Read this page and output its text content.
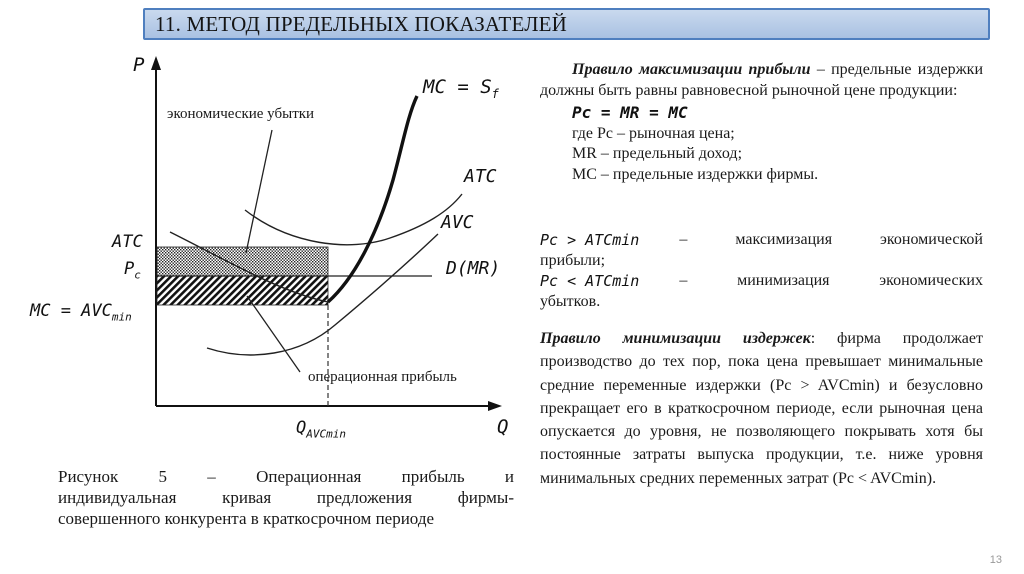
11. МЕТОД ПРЕДЕЛЬНЫХ ПОКАЗАТЕЛЕЙ
P
Q
MC = $S_f$
ATC
AVC
D(MR)
ATC
$P_c$
MC = $AVC_{min}$
$Q_{AVCmin}$
экономические убытки
операционная прибыль
Рисунок 5 – Операционная прибыль и
индивидуальная кривая предложения фирмы-
совершенного конкурента в краткосрочном периоде
Правило максимизации прибыли – предельные издержки должны быть равны равновесной рыночной цене продукции:
Pc = MR = MC
где Pc – рыночная цена;
MR – предельный доход;
MC – предельные издержки фирмы.
Pc > ATCmin	– максимизация экономической
прибыли;
Pc < ATCmin	– минимизация экономических
убытков.
Правило минимизации издержек: фирма продолжает производство до тех пор, пока цена превышает минимальные средние переменные издержки (Pc > AVCmin) и безусловно прекращает его в краткосрочном периоде, если рыночная цена опускается до уровня, не позволяющего покрывать хотя бы постоянные затраты выпуска продукции, т.е. ниже уровня минимальных средних переменных затрат (Pc < AVCmin).
13
